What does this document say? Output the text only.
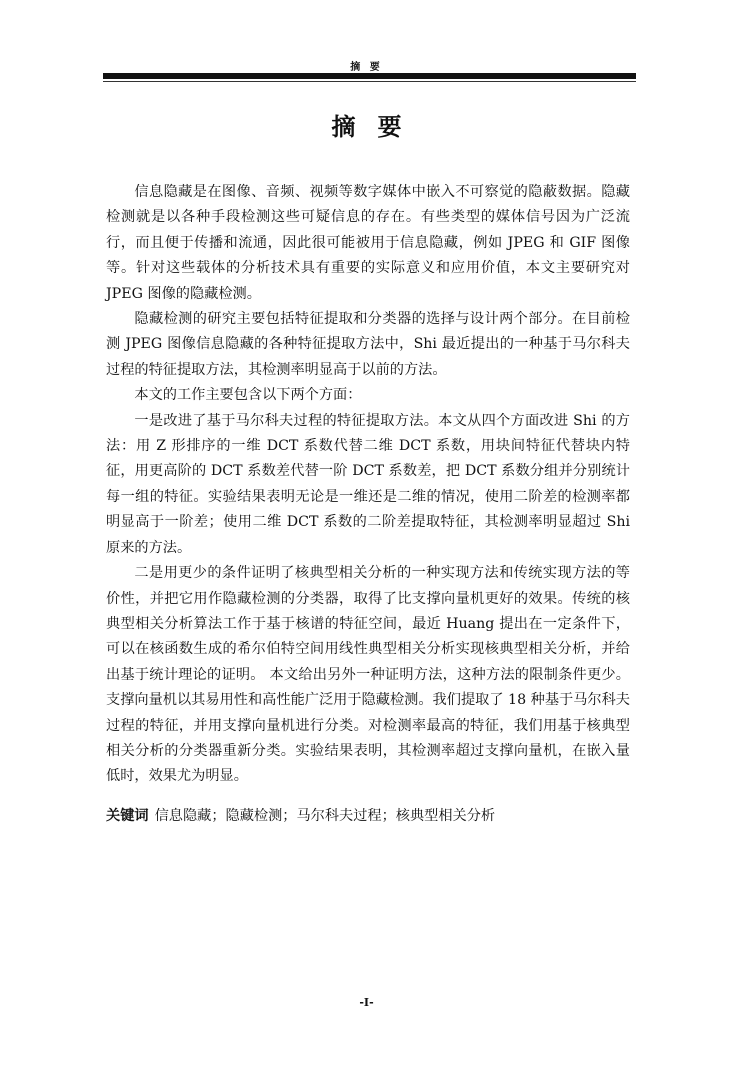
摘 要
摘要

信息隐藏是在图像、音频、视频等数字媒体中嵌入不可察觉的隐蔽数据。隐藏检测就是以各种手段检测这些可疑信息的存在。有些类型的媒体信号因为广泛流行，而且便于传播和流通，因此很可能被用于信息隐藏，例如 JPEG 和 GIF 图像等。针对这些载体的分析技术具有重要的实际意义和应用价值，本文主要研究对 JPEG 图像的隐藏检测。

隐藏检测的研究主要包括特征提取和分类器的选择与设计两个部分。在目前检测 JPEG 图像信息隐藏的各种特征提取方法中，Shi 最近提出的一种基于马尔科夫过程的特征提取方法，其检测率明显高于以前的方法。

本文的工作主要包含以下两个方面：

一是改进了基于马尔科夫过程的特征提取方法。本文从四个方面改进 Shi 的方法：用 Z 形排序的一维 DCT 系数代替二维 DCT 系数，用块间特征代替块内特征，用更高阶的 DCT 系数差代替一阶 DCT 系数差，把 DCT 系数分组并分别统计每一组的特征。实验结果表明无论是一维还是二维的情况，使用二阶差的检测率都明显高于一阶差；使用二维 DCT 系数的二阶差提取特征，其检测率明显超过 Shi 原来的方法。

二是用更少的条件证明了核典型相关分析的一种实现方法和传统实现方法的等价性，并把它用作隐藏检测的分类器，取得了比支撑向量机更好的效果。传统的核典型相关分析算法工作于基于核谱的特征空间，最近 Huang 提出在一定条件下，可以在核函数生成的希尔伯特空间用线性典型相关分析实现核典型相关分析，并给出基于统计理论的证明。 本文给出另外一种证明方法，这种方法的限制条件更少。支撑向量机以其易用性和高性能广泛用于隐藏检测。我们提取了 18 种基于马尔科夫过程的特征，并用支撑向量机进行分类。对检测率最高的特征，我们用基于核典型相关分析的分类器重新分类。实验结果表明，其检测率超过支撑向量机，在嵌入量低时，效果尤为明显。

关键词 信息隐藏；隐藏检测；马尔科夫过程；核典型相关分析
-I-
